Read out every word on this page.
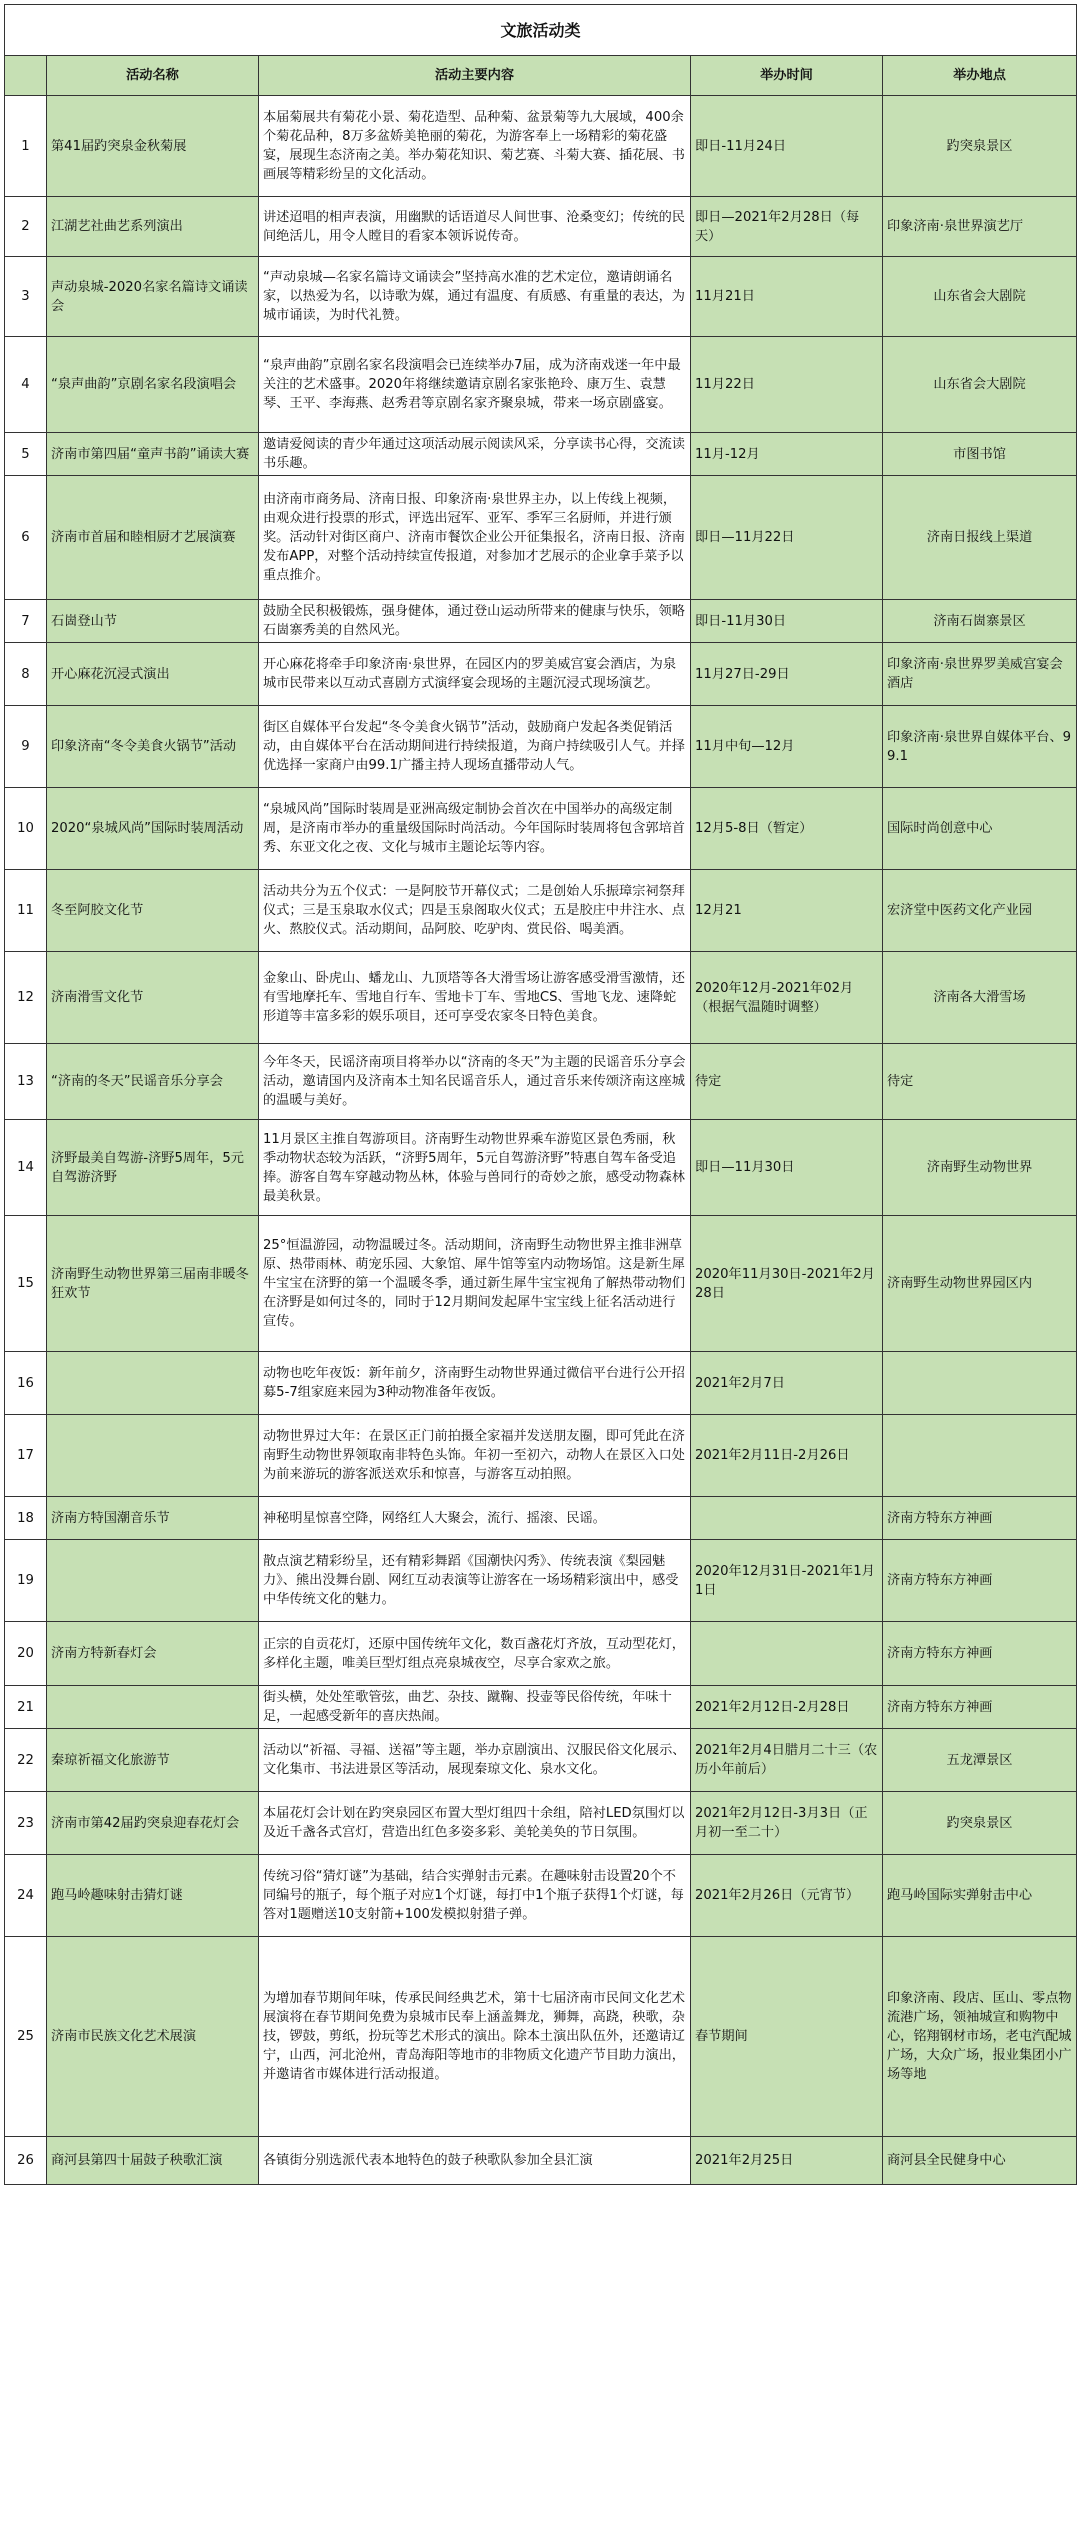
文旅活动类				
	活动名称	活动主要内容	举办时间	举办地点
1	第41届趵突泉金秋菊展	本届菊展共有菊花小景、菊花造型、品种菊、盆景菊等九大展域，400余个菊花品种，8万多盆娇美艳丽的菊花，为游客奉上一场精彩的菊花盛宴，展现生态济南之美。举办菊花知识、菊艺赛、斗菊大赛、插花展、书画展等精彩纷呈的文化活动。	即日-11月24日	趵突泉景区
2	江湖艺社曲艺系列演出	讲述迢唱的相声表演，用幽默的话语道尽人间世事、沧桑变幻；传统的民间绝活儿，用令人瞠目的看家本领诉说传奇。	即日—2021年2月28日（每天）	印象济南·泉世界演艺厅
3	声动泉城-2020名家名篇诗文诵读会	“声动泉城—名家名篇诗文诵读会”坚持高水准的艺术定位，邀请朗诵名家，以热爱为名，以诗歌为媒，通过有温度、有质感、有重量的表达，为城市诵读，为时代礼赞。	11月21日	山东省会大剧院
4	“泉声曲韵”京剧名家名段演唱会	“泉声曲韵”京剧名家名段演唱会已连续举办7届，成为济南戏迷一年中最关注的艺术盛事。2020年将继续邀请京剧名家张艳玲、康万生、袁慧琴、王平、李海燕、赵秀君等京剧名家齐聚泉城，带来一场京剧盛宴。	11月22日	山东省会大剧院
5	济南市第四届“童声书韵”诵读大赛	邀请爱阅读的青少年通过这项活动展示阅读风采，分享读书心得，交流读书乐趣。	11月-12月	市图书馆
6	济南市首届和睦相厨才艺展演赛	由济南市商务局、济南日报、印象济南·泉世界主办，以上传线上视频，由观众进行投票的形式，评选出冠军、亚军、季军三名厨师，并进行颁奖。活动针对街区商户、济南市餐饮企业公开征集报名，济南日报、济南发布APP，对整个活动持续宣传报道，对参加才艺展示的企业拿手菜予以重点推介。	即日—11月22日	济南日报线上渠道
7	石崮登山节	鼓励全民积极锻炼，强身健体，通过登山运动所带来的健康与快乐，领略石崮寨秀美的自然风光。	即日-11月30日	济南石崮寨景区
8	开心麻花沉浸式演出	开心麻花将牵手印象济南·泉世界，在园区内的罗美威宫宴会酒店，为泉城市民带来以互动式喜剧方式演绎宴会现场的主题沉浸式现场演艺。	11月27日-29日	印象济南·泉世界罗美威宫宴会酒店
9	印象济南“冬令美食火锅节”活动	街区自媒体平台发起“冬令美食火锅节”活动，鼓励商户发起各类促销活动，由自媒体平台在活动期间进行持续报道，为商户持续吸引人气。并择优选择一家商户由99.1广播主持人现场直播带动人气。	11月中旬—12月	印象济南·泉世界自媒体平台、99.1
10	2020“泉城风尚”国际时装周活动	“泉城风尚”国际时装周是亚洲高级定制协会首次在中国举办的高级定制周，是济南市举办的重量级国际时尚活动。今年国际时装周将包含郭培首秀、东亚文化之夜、文化与城市主题论坛等内容。	12月5-8日（暂定）	国际时尚创意中心
11	冬至阿胶文化节	活动共分为五个仪式：一是阿胶节开幕仪式；二是创始人乐振璋宗祠祭拜仪式；三是玉泉取水仪式；四是玉泉阁取火仪式；五是胶庄中井注水、点火、熬胶仪式。活动期间，品阿胶、吃驴肉、赏民俗、喝美酒。	12月21	宏济堂中医药文化产业园
12	济南滑雪文化节	金象山、卧虎山、蟠龙山、九顶塔等各大滑雪场让游客感受滑雪激情，还有雪地摩托车、雪地自行车、雪地卡丁车、雪地CS、雪地飞龙、速降蛇形道等丰富多彩的娱乐项目，还可享受农家冬日特色美食。	2020年12月-2021年02月（根据气温随时调整）	济南各大滑雪场
13	“济南的冬天”民谣音乐分享会	今年冬天，民谣济南项目将举办以“济南的冬天”为主题的民谣音乐分享会活动，邀请国内及济南本土知名民谣音乐人，通过音乐来传颂济南这座城的温暖与美好。	待定	待定
14	济野最美自驾游-济野5周年，5元自驾游济野	11月景区主推自驾游项目。济南野生动物世界乘车游览区景色秀丽，秋季动物状态较为活跃，“济野5周年，5元自驾游济野”特惠自驾车备受追捧。游客自驾车穿越动物丛林，体验与兽同行的奇妙之旅，感受动物森林最美秋景。	即日—11月30日	济南野生动物世界
15	济南野生动物世界第三届南非暖冬狂欢节	25°恒温游园，动物温暖过冬。活动期间，济南野生动物世界主推非洲草原、热带雨林、萌宠乐园、大象馆、犀牛馆等室内动物场馆。这是新生犀牛宝宝在济野的第一个温暖冬季，通过新生犀牛宝宝视角了解热带动物们在济野是如何过冬的，同时于12月期间发起犀牛宝宝线上征名活动进行宣传。	2020年11月30日-2021年2月28日	济南野生动物世界园区内
16		动物也吃年夜饭：新年前夕，济南野生动物世界通过微信平台进行公开招募5-7组家庭来园为3种动物准备年夜饭。	2021年2月7日	
17		动物世界过大年：在景区正门前拍摄全家福并发送朋友圈，即可凭此在济南野生动物世界领取南非特色头饰。年初一至初六，动物人在景区入口处为前来游玩的游客派送欢乐和惊喜，与游客互动拍照。	2021年2月11日-2月26日	
18	济南方特国潮音乐节	神秘明星惊喜空降，网络红人大聚会，流行、摇滚、民谣。		济南方特东方神画
19		散点演艺精彩纷呈，还有精彩舞蹈《国潮快闪秀》、传统表演《梨园魅力》、熊出没舞台剧、网红互动表演等让游客在一场场精彩演出中，感受中华传统文化的魅力。	2020年12月31日-2021年1月1日	济南方特东方神画
20	济南方特新春灯会	正宗的自贡花灯，还原中国传统年文化，数百盏花灯齐放，互动型花灯，多样化主题，唯美巨型灯组点亮泉城夜空，尽享合家欢之旅。		济南方特东方神画
21		街头横，处处笙歌管弦，曲艺、杂技、蹴鞠、投壶等民俗传统，年味十足，一起感受新年的喜庆热闹。	2021年2月12日-2月28日	济南方特东方神画
22	秦琼祈福文化旅游节	活动以“祈福、寻福、送福”等主题，举办京剧演出、汉服民俗文化展示、文化集市、书法进景区等活动，展现秦琼文化、泉水文化。	2021年2月4日腊月二十三（农历小年前后）	五龙潭景区
23	济南市第42届趵突泉迎春花灯会	本届花灯会计划在趵突泉园区布置大型灯组四十余组，陪衬LED氛围灯以及近千盏各式宫灯，营造出红色多姿多彩、美轮美奂的节日氛围。	2021年2月12日-3月3日（正月初一至二十）	趵突泉景区
24	跑马岭趣味射击猜灯谜	传统习俗“猜灯谜”为基础，结合实弹射击元素。在趣味射击设置20个不同编号的瓶子，每个瓶子对应1个灯谜，每打中1个瓶子获得1个灯谜，每答对1题赠送10支射箭+100发模拟射猎子弹。	2021年2月26日（元宵节）	跑马岭国际实弹射击中心
25	济南市民族文化艺术展演	为增加春节期间年味，传承民间经典艺术，第十七届济南市民间文化艺术展演将在春节期间免费为泉城市民奉上涵盖舞龙，狮舞，高跷，秧歌，杂技，锣鼓，剪纸，扮玩等艺术形式的演出。除本土演出队伍外，还邀请辽宁，山西，河北沧州，青岛海阳等地市的非物质文化遗产节目助力演出，并邀请省市媒体进行活动报道。	春节期间	印象济南、段店、匡山、零点物流港广场，领袖城宣和购物中心，铭翔钢材市场，老屯汽配城广场，大众广场，报业集团小广场等地
26	商河县第四十届鼓子秧歌汇演	各镇街分别选派代表本地特色的鼓子秧歌队参加全县汇演	2021年2月25日	商河县全民健身中心
